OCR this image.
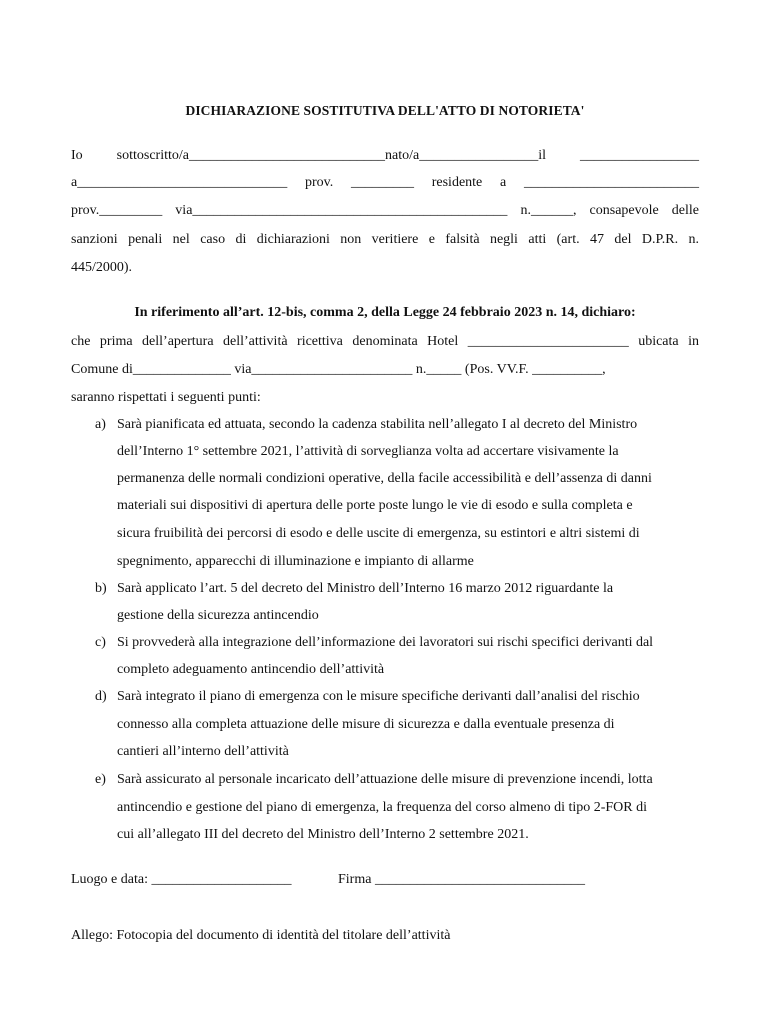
DICHIARAZIONE SOSTITUTIVA DELL'ATTO DI NOTORIETA'
Io sottoscritto/a____________________________nato/a_________________il _________________
a______________________________ prov. _________ residente a _________________________
prov._________ via_____________________________________________ n.______, consapevole delle
sanzioni penali nel caso di dichiarazioni non veritiere e falsità negli atti (art. 47 del D.P.R. n.
445/2000).
In riferimento all’art. 12-bis, comma 2, della Legge 24 febbraio 2023 n. 14, dichiaro:
che prima dell’apertura dell’attività ricettiva denominata Hotel _______________________ ubicata in
Comune di______________ via_______________________ n._____ (Pos. VV.F. __________,
saranno rispettati i seguenti punti:
a) Sarà pianificata ed attuata, secondo la cadenza stabilita nell’allegato I al decreto del Ministro
dell’Interno 1° settembre 2021, l’attività di sorveglianza volta ad accertare visivamente la
permanenza delle normali condizioni operative, della facile accessibilità e dell’assenza di danni
materiali sui dispositivi di apertura delle porte poste lungo le vie di esodo e sulla completa e
sicura fruibilità dei percorsi di esodo e delle uscite di emergenza, su estintori e altri sistemi di
spegnimento, apparecchi di illuminazione e impianto di allarme
b) Sarà applicato l’art. 5 del decreto del Ministro dell’Interno 16 marzo 2012 riguardante la
gestione della sicurezza antincendio
c) Si provvederà alla integrazione dell’informazione dei lavoratori sui rischi specifici derivanti dal
completo adeguamento antincendio dell’attività
d) Sarà integrato il piano di emergenza con le misure specifiche derivanti dall’analisi del rischio
connesso alla completa attuazione delle misure di sicurezza e dalla eventuale presenza di
cantieri all’interno dell’attività
e) Sarà assicurato al personale incaricato dell’attuazione delle misure di prevenzione incendi, lotta
antincendio e gestione del piano di emergenza, la frequenza del corso almeno di tipo 2-FOR di
cui all’allegato III del decreto del Ministro dell’Interno 2 settembre 2021.
Luogo e data: ____________________	Firma ______________________________
Allego: Fotocopia del documento di identità del titolare dell’attività
